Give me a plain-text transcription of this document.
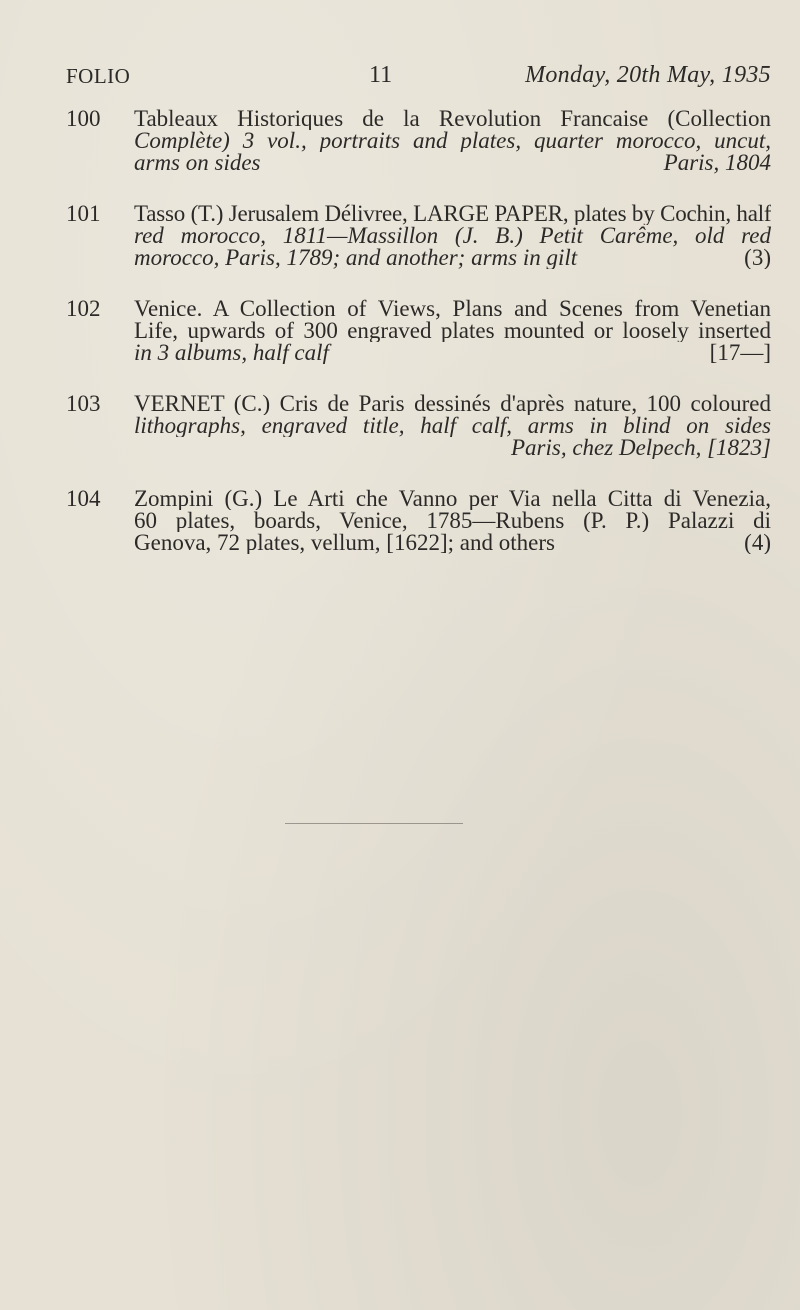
FOLIO	11	Monday, 20th May, 1935
100	Tableaux Historiques de la Revolution Francaise (Collection
Complète) 3 vol., portraits and plates, quarter morocco, uncut,
arms on sides	Paris, 1804
101	Tasso (T.) Jerusalem Délivree, LARGE PAPER, plates by Cochin, half
red morocco, 1811—Massillon (J. B.) Petit Carême, old red
morocco, Paris, 1789; and another; arms in gilt	(3)
102	Venice. A Collection of Views, Plans and Scenes from Venetian
Life, upwards of 300 engraved plates mounted or loosely inserted
in 3 albums, half calf	[17—]
103	VERNET (C.) Cris de Paris dessinés d'après nature, 100 coloured
lithographs, engraved title, half calf, arms in blind on sides
Paris, chez Delpech, [1823]
104	Zompini (G.) Le Arti che Vanno per Via nella Citta di Venezia,
60 plates, boards, Venice, 1785—Rubens (P. P.) Palazzi di
Genova, 72 plates, vellum, [1622]; and others	(4)
